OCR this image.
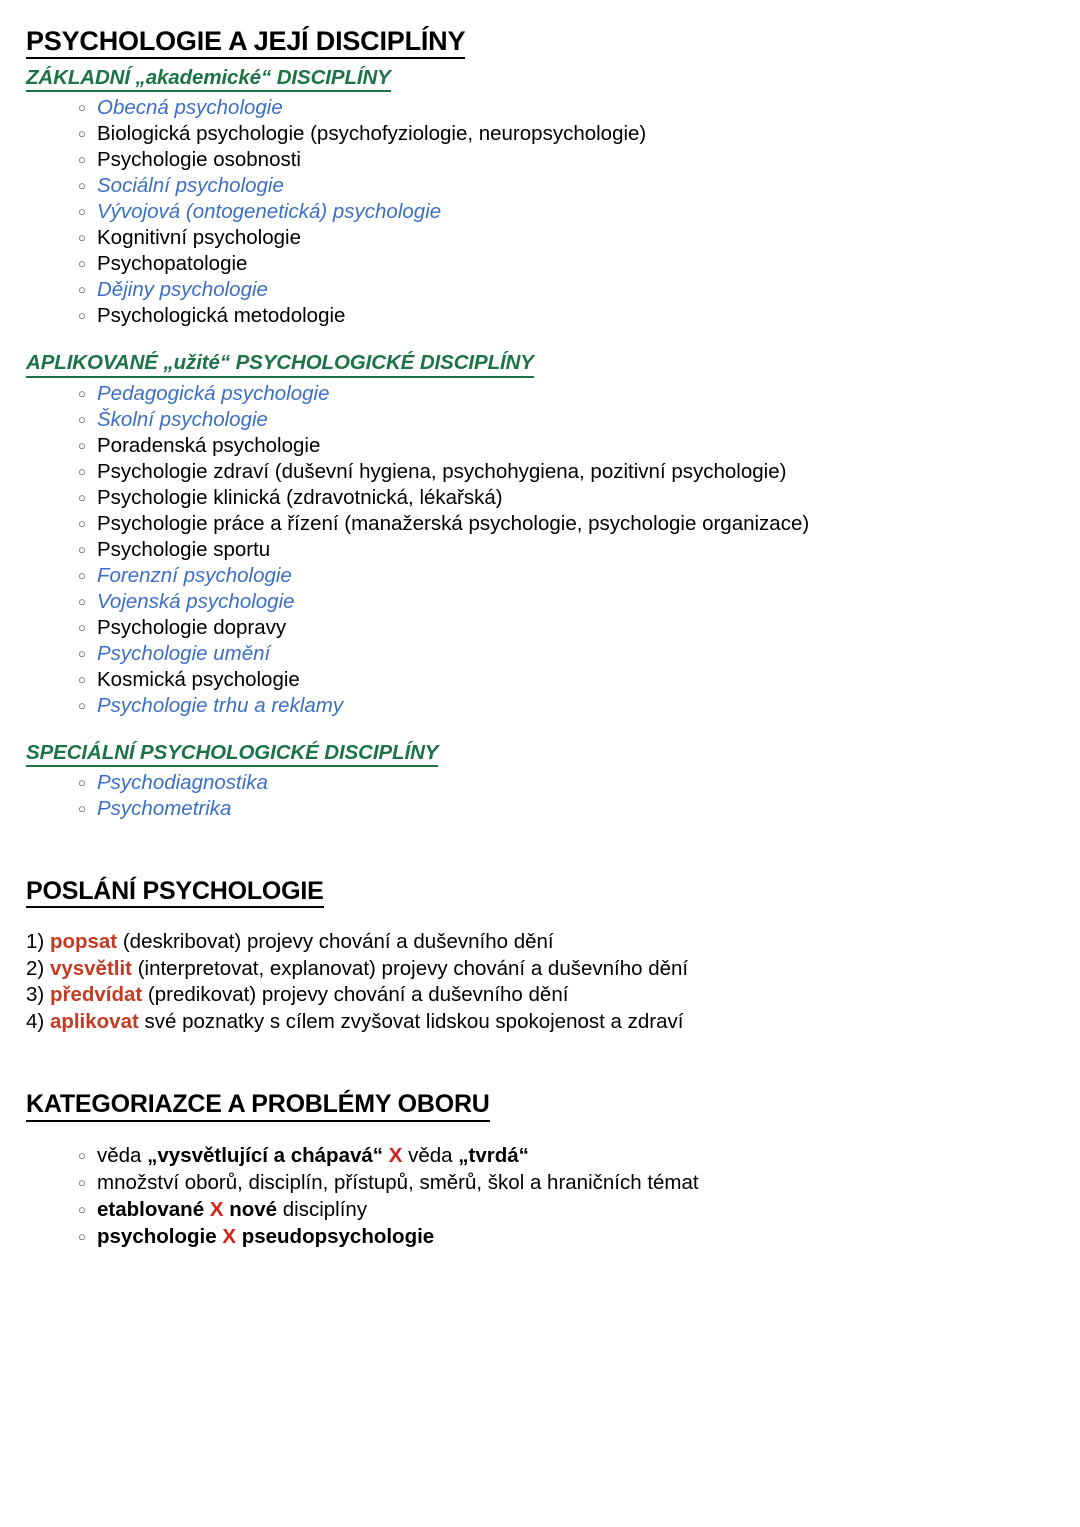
PSYCHOLOGIE A JEJÍ DISCIPLÍNY
ZÁKLADNÍ „akademické“ DISCIPLÍNY
○ Obecná psychologie
○ Biologická psychologie (psychofyziologie, neuropsychologie)
○ Psychologie osobnosti
○ Sociální psychologie
○ Vývojová (ontogenetická) psychologie
○ Kognitivní psychologie
○ Psychopatologie
○ Dějiny psychologie
○ Psychologická metodologie
APLIKOVANÉ „užité“ PSYCHOLOGICKÉ DISCIPLÍNY
○ Pedagogická psychologie
○ Školní psychologie
○ Poradenská psychologie
○ Psychologie zdraví (duševní hygiena, psychohygiena, pozitivní psychologie)
○ Psychologie klinická (zdravotnická, lékařská)
○ Psychologie práce a řízení (manažerská psychologie, psychologie organizace)
○ Psychologie sportu
○ Forenzní psychologie
○ Vojenská psychologie
○ Psychologie dopravy
○ Psychologie umění
○ Kosmická psychologie
○ Psychologie trhu a reklamy
SPECIÁLNÍ PSYCHOLOGICKÉ DISCIPLÍNY
○ Psychodiagnostika
○ Psychometrika
POSLÁNÍ PSYCHOLOGIE
1) popsat (deskribovat) projevy chování a duševního dění
2) vysvětlit (interpretovat, explanovat) projevy chování a duševního dění
3) předvídat (predikovat) projevy chování a duševního dění
4) aplikovat své poznatky s cílem zvyšovat lidskou spokojenost a zdraví
KATEGORIAZCE A PROBLÉMY OBORU
○ věda „vysvětlující a chápavá“ X věda „tvrdá“
○ množství oborů, disciplín, přístupů, směrů, škol a hraničních témat
○ etablované X nové disciplíny
○ psychologie X pseudopsychologie
